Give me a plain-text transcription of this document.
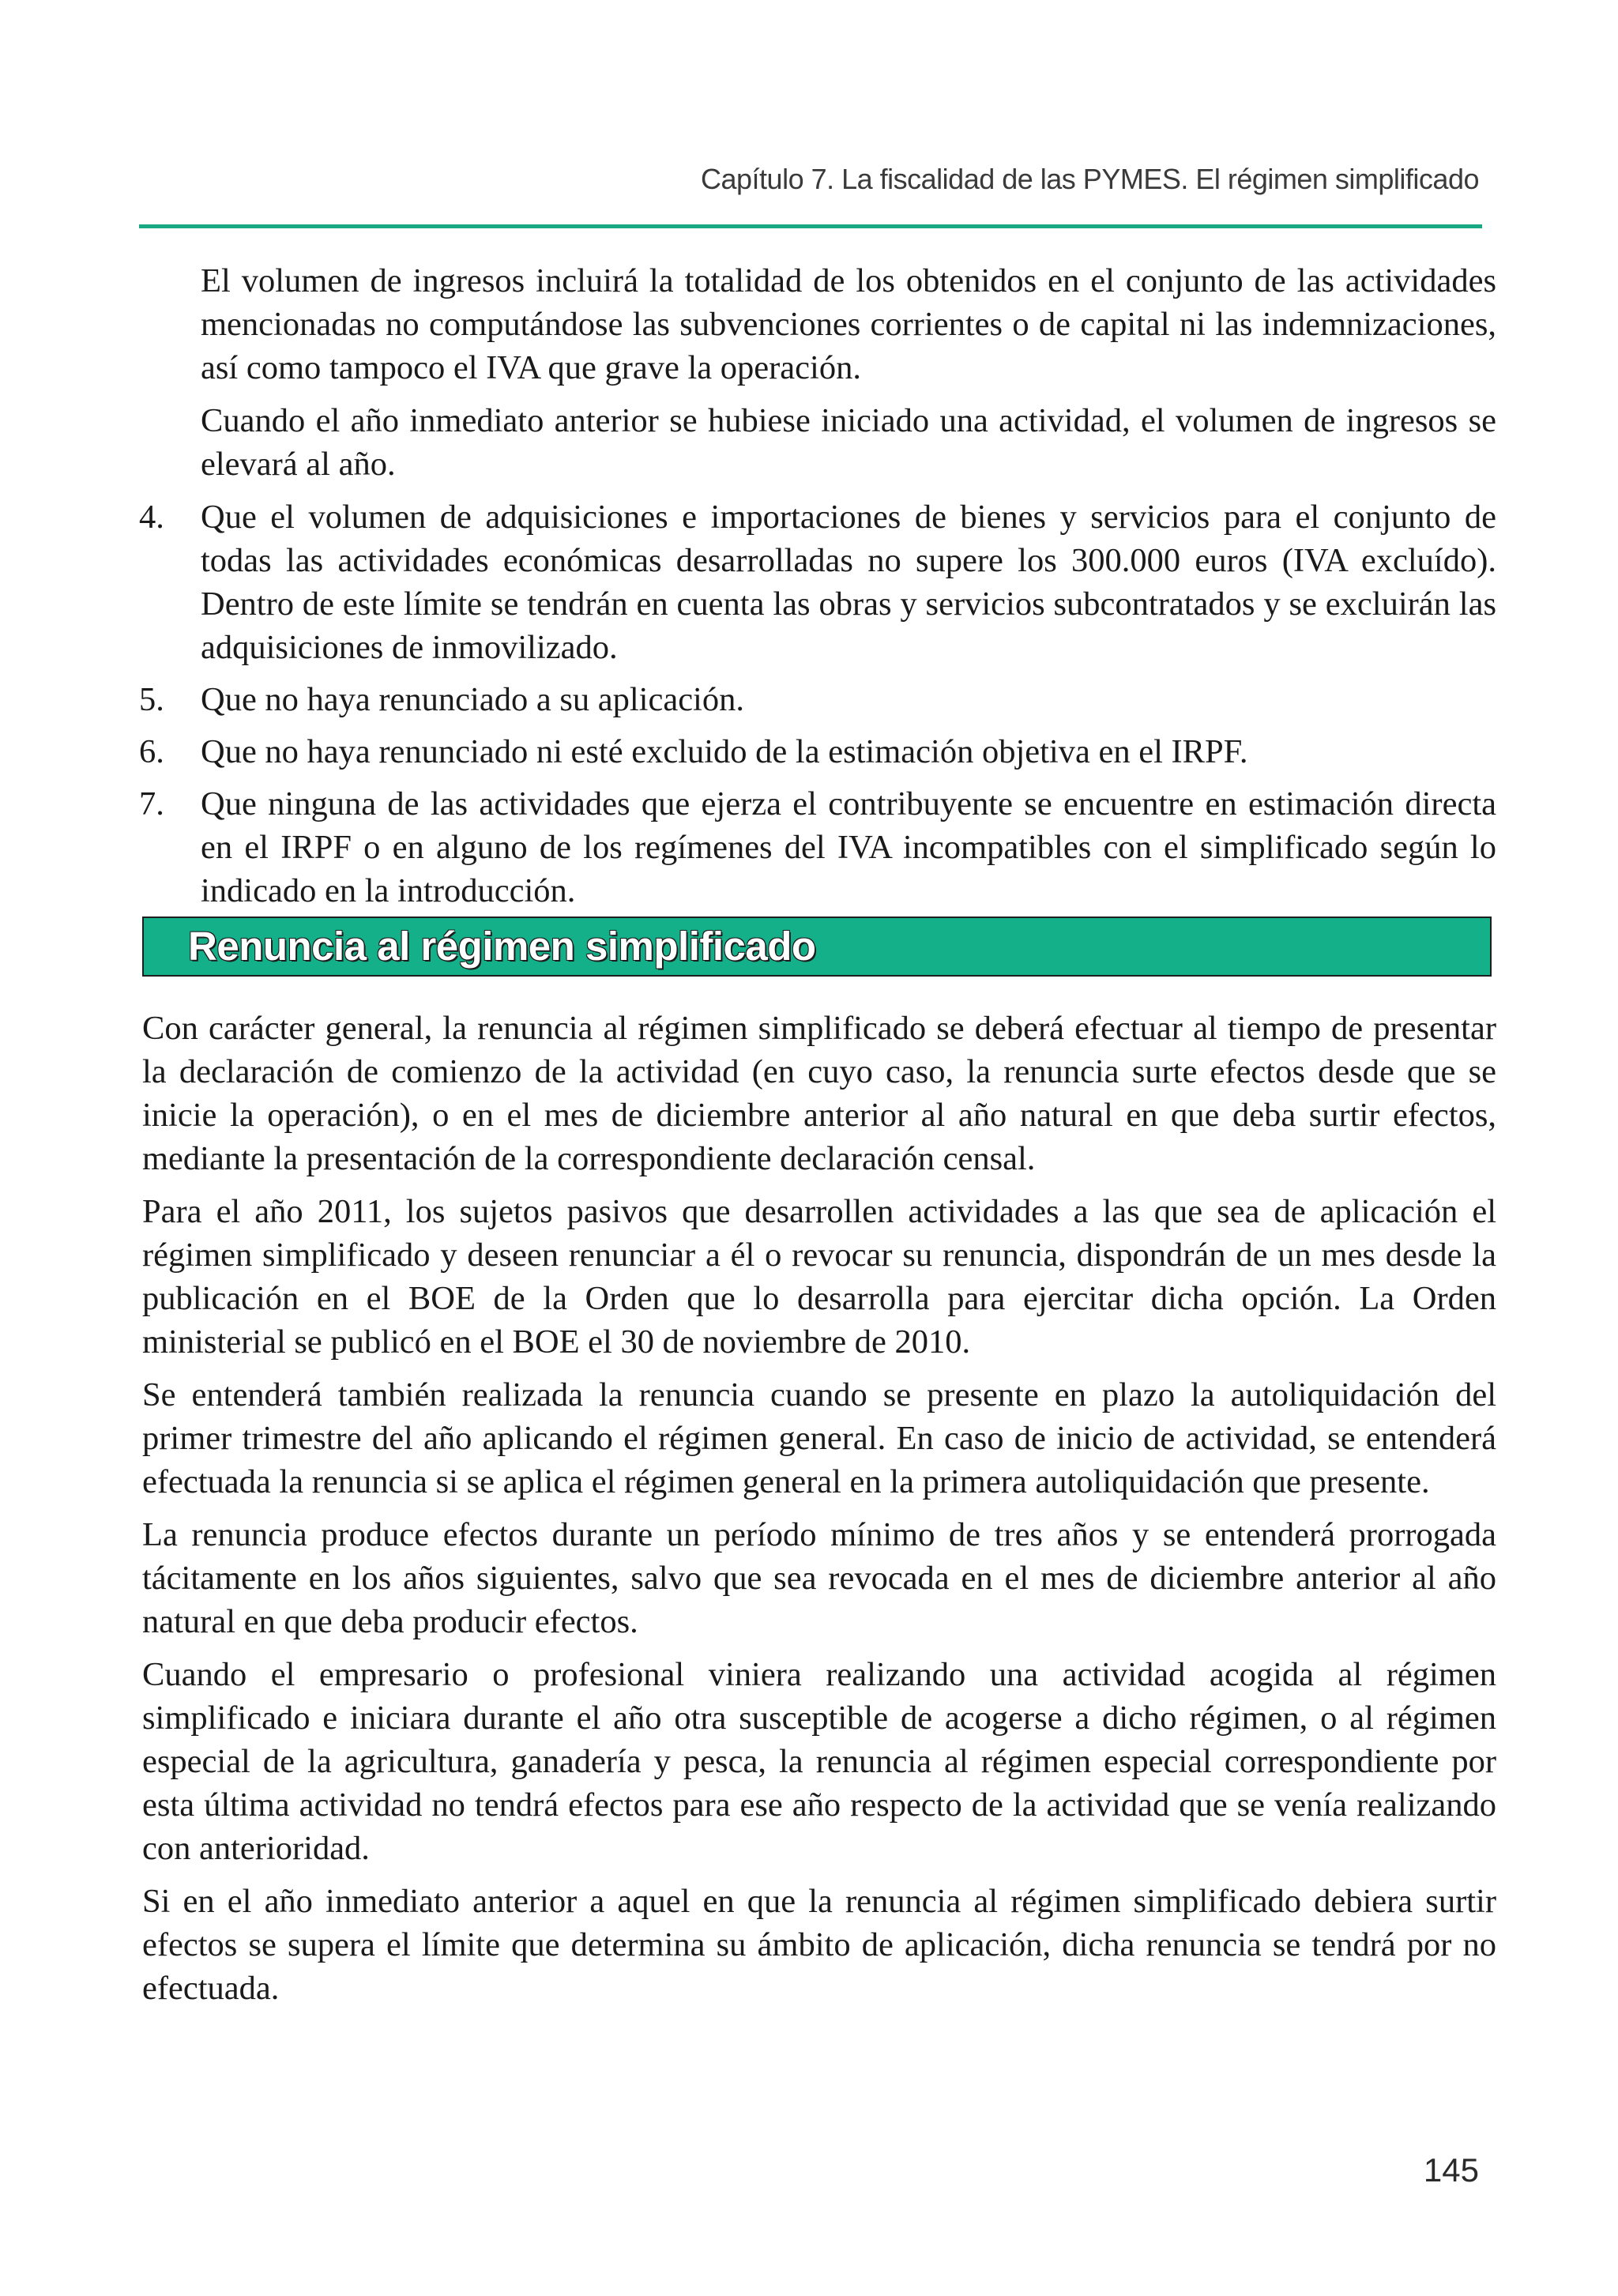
Capítulo 7. La fiscalidad de las PYMES. El régimen simplificado

El volumen de ingresos incluirá la totalidad de los obtenidos en el conjunto de las actividades mencionadas no computándose las subvenciones corrientes o de capital ni las indemnizaciones, así como tampoco el IVA que grave la operación.

Cuando el año inmediato anterior se hubiese iniciado una actividad, el volumen de ingresos se elevará al año.

4.	Que el volumen de adquisiciones e importaciones de bienes y servicios para el conjunto de todas las actividades económicas desarrolladas no supere los 300.000 euros (IVA excluído). Dentro de este límite se tendrán en cuenta las obras y servicios subcontratados y se excluirán las adquisiciones de inmovilizado.
5.	Que no haya renunciado a su aplicación.
6.	Que no haya renunciado ni esté excluido de la estimación objetiva en el IRPF.
7.	Que ninguna de las actividades que ejerza el contribuyente se encuentre en estimación directa en el IRPF o en alguno de los regímenes del IVA incompatibles con el simplificado según lo indicado en la introducción.
Renuncia al régimen simplificado

Con carácter general, la renuncia al régimen simplificado se deberá efectuar al tiempo de presentar la declaración de comienzo de la actividad (en cuyo caso, la renuncia surte efectos desde que se inicie la operación), o en el mes de diciembre anterior al año natural en que deba surtir efectos, mediante la presentación de la correspondiente declaración censal.

Para el año 2011, los sujetos pasivos que desarrollen actividades a las que sea de aplicación el régimen simplificado y deseen renunciar a él o revocar su renuncia, dispondrán de un mes desde la publicación en el BOE de la Orden que lo desarrolla para ejercitar dicha opción. La Orden ministerial se publicó en el BOE el 30 de noviembre de 2010.

Se entenderá también realizada la renuncia cuando se presente en plazo la autoliquidación del primer trimestre del año aplicando el régimen general. En caso de inicio de actividad, se entenderá efectuada la renuncia si se aplica el régimen general en la primera autoliquidación que presente.

La renuncia produce efectos durante un período mínimo de tres años y se entenderá prorrogada tácitamente en los años siguientes, salvo que sea revocada en el mes de diciembre anterior al año natural en que deba producir efectos.

Cuando el empresario o profesional viniera realizando una actividad acogida al régimen simplificado e iniciara durante el año otra susceptible de acogerse a dicho régimen, o al régimen especial de la agricultura, ganadería y pesca, la renuncia al régimen especial correspondiente por esta última actividad no tendrá efectos para ese año respecto de la actividad que se venía realizando con anterioridad.

Si en el año inmediato anterior a aquel en que la renuncia al régimen simplificado debiera surtir efectos se supera el límite que determina su ámbito de aplicación, dicha renuncia se tendrá por no efectuada.

145
